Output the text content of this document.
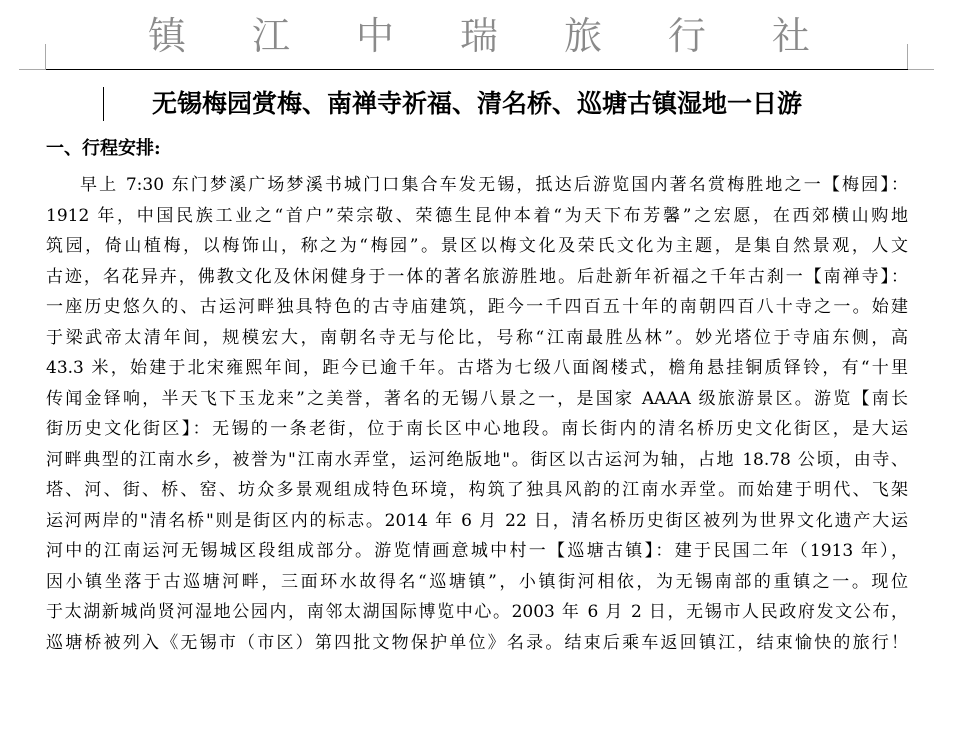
镇 江 中 瑞 旅 行 社
无锡梅园赏梅、南禅寺祈福、清名桥、巡塘古镇湿地一日游
一、行程安排:
早上 7:30 东门梦溪广场梦溪书城门口集合车发无锡，抵达后游览国内著名赏梅胜地之一【梅园】：
1912 年，中国民族工业之“首户”荣宗敬、荣德生昆仲本着“为天下布芳馨”之宏愿，在西郊横山购地
筑园，倚山植梅，以梅饰山，称之为“梅园”。景区以梅文化及荣氏文化为主题，是集自然景观，人文
古迹，名花异卉，佛教文化及休闲健身于一体的著名旅游胜地。后赴新年祈福之千年古刹一【南禅寺】：
一座历史悠久的、古运河畔独具特色的古寺庙建筑，距今一千四百五十年的南朝四百八十寺之一。始建
于梁武帝太清年间，规模宏大，南朝名寺无与伦比，号称“江南最胜丛林”。妙光塔位于寺庙东侧，高
43.3 米，始建于北宋雍熙年间，距今已逾千年。古塔为七级八面阁楼式，檐角悬挂铜质铎铃，有“十里
传闻金铎响，半天飞下玉龙来”之美誉，著名的无锡八景之一，是国家 AAAA 级旅游景区。游览【南长
街历史文化街区】：无锡的一条老街，位于南长区中心地段。南长街内的清名桥历史文化街区，是大运
河畔典型的江南水乡，被誉为"江南水弄堂，运河绝版地"。街区以古运河为轴，占地 18.78 公顷，由寺、
塔、河、街、桥、窑、坊众多景观组成特色环境，构筑了独具风韵的江南水弄堂。而始建于明代、飞架
运河两岸的"清名桥"则是街区内的标志。2014 年 6 月 22 日，清名桥历史街区被列为世界文化遗产大运
河中的江南运河无锡城区段组成部分。游览情画意城中村一【巡塘古镇】：建于民国二年（1913 年），
因小镇坐落于古巡塘河畔，三面环水故得名“巡塘镇”，小镇街河相依，为无锡南部的重镇之一。现位
于太湖新城尚贤河湿地公园内，南邻太湖国际博览中心。2003 年 6 月 2 日，无锡市人民政府发文公布，
巡塘桥被列入《无锡市（市区）第四批文物保护单位》名录。结束后乘车返回镇江，结束愉快的旅行！
